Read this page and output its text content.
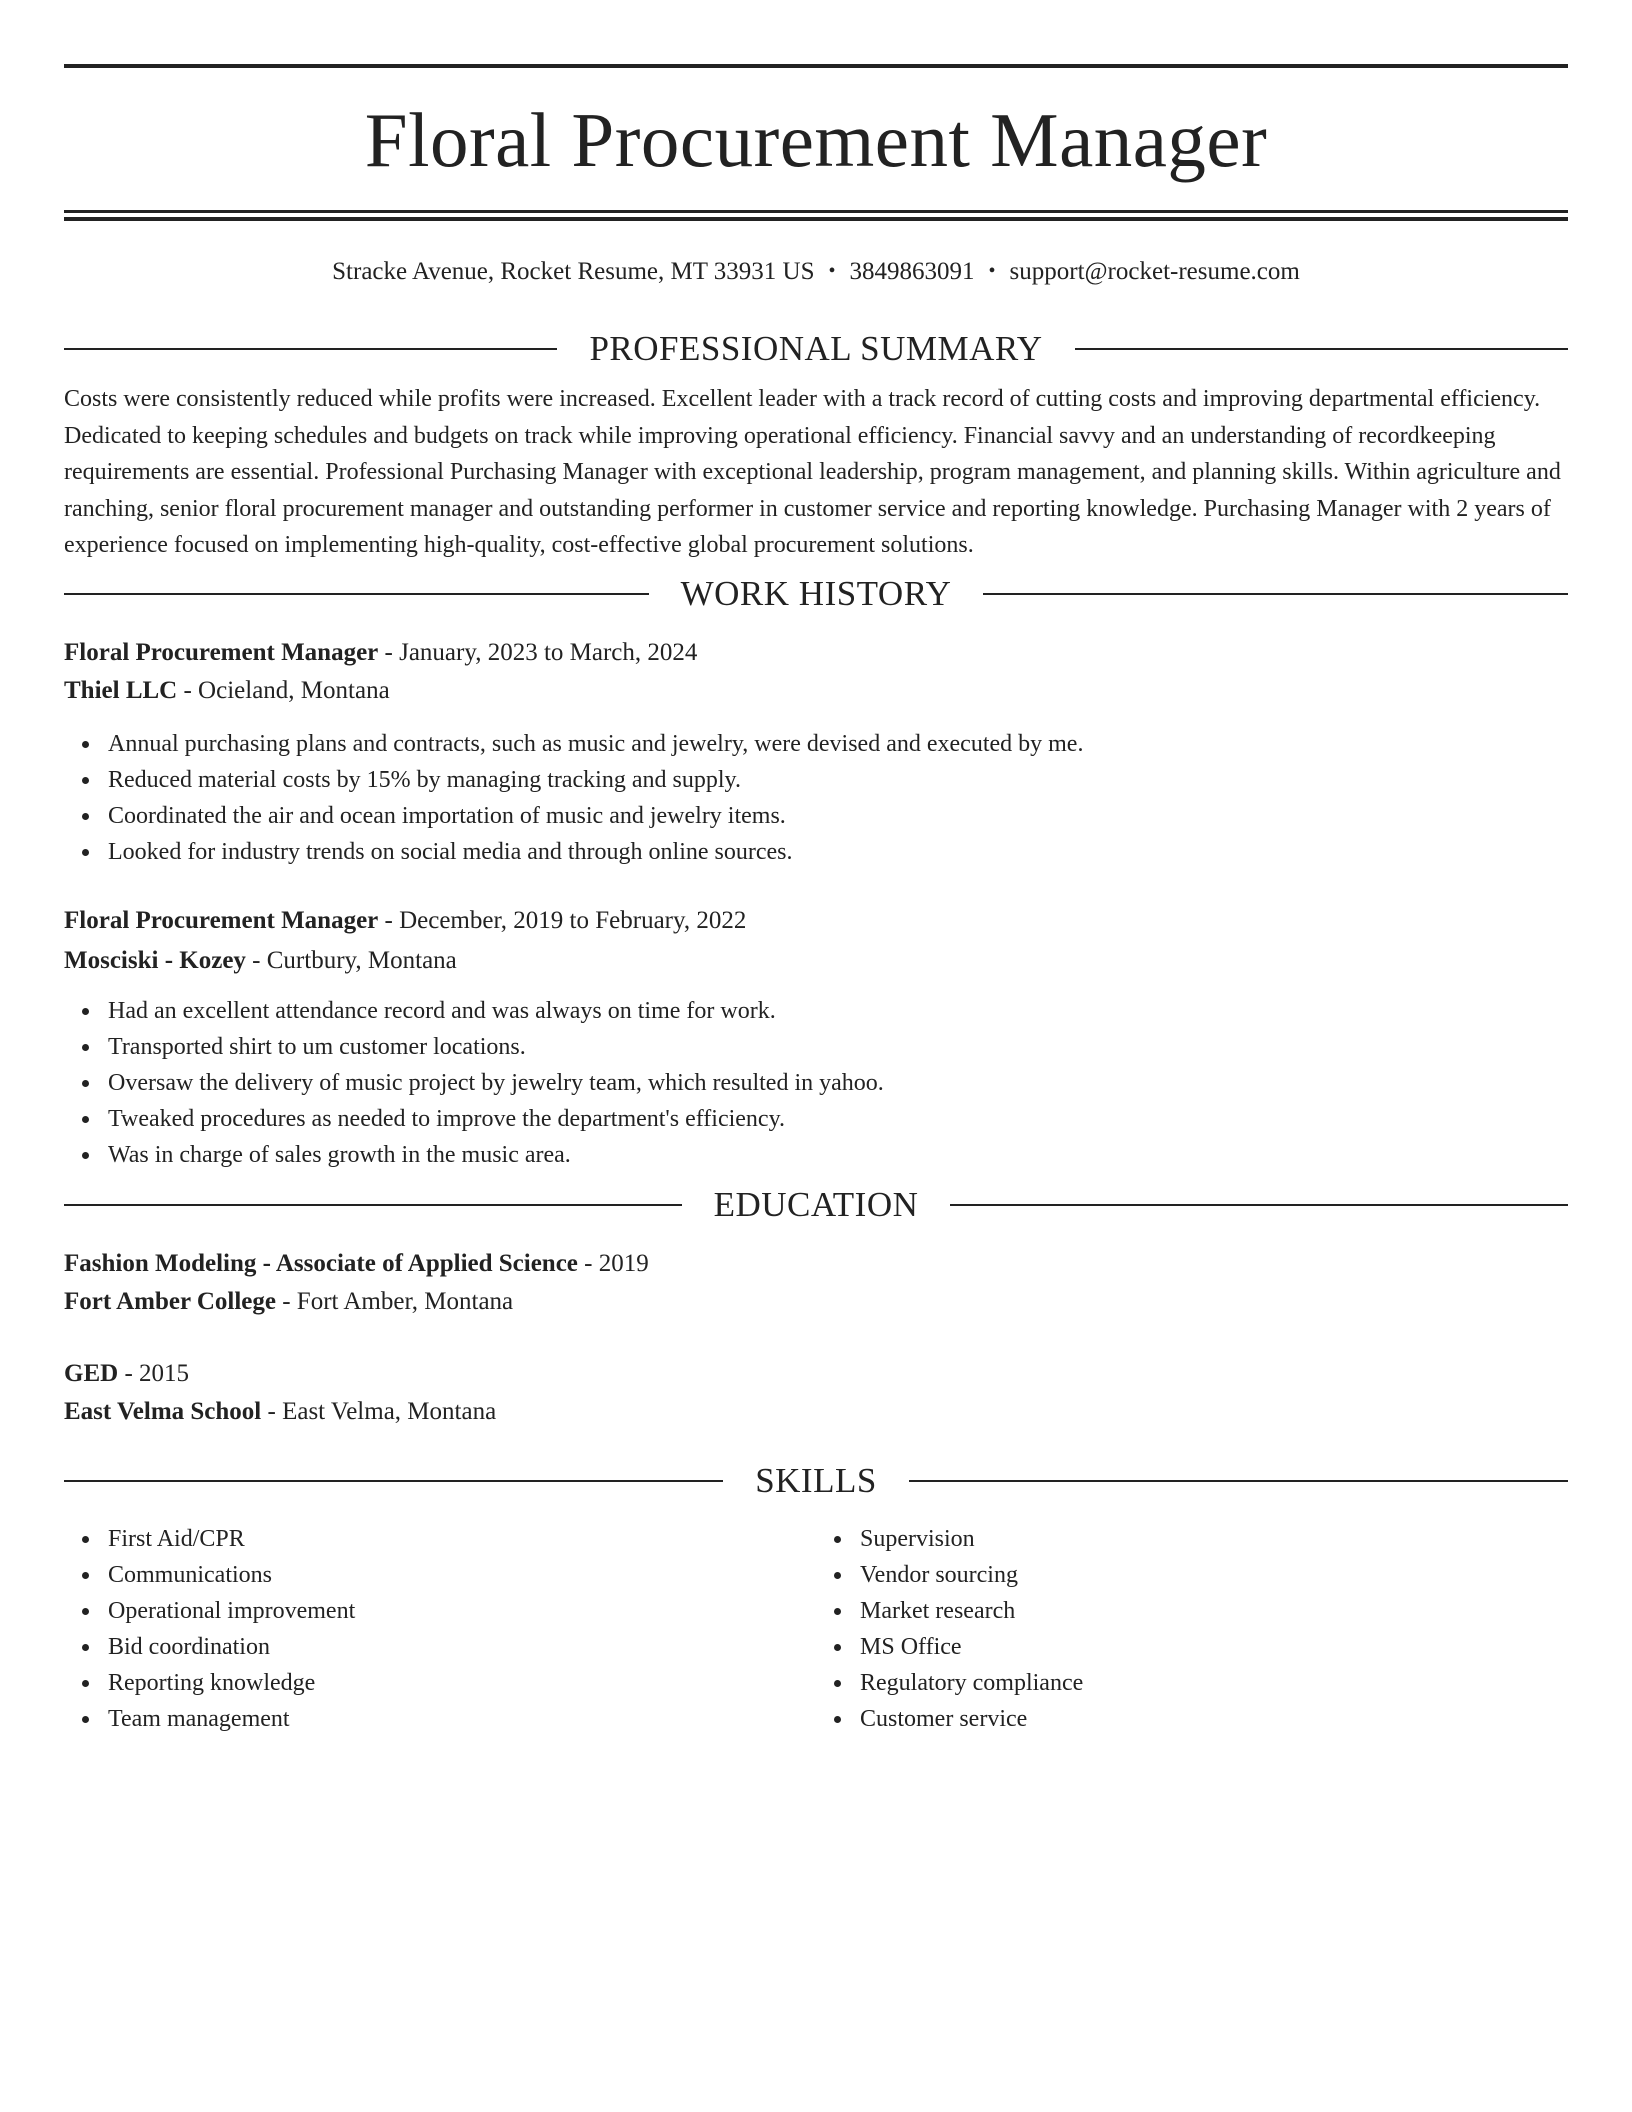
Floral Procurement Manager
Stracke Avenue, Rocket Resume, MT 33931 US • 3849863091 • support@rocket-resume.com
PROFESSIONAL SUMMARY

Costs were consistently reduced while profits were increased. Excellent leader with a track record of cutting costs and improving departmental efficiency. Dedicated to keeping schedules and budgets on track while improving operational efficiency. Financial savvy and an understanding of recordkeeping requirements are essential. Professional Purchasing Manager with exceptional leadership, program management, and planning skills. Within agriculture and ranching, senior floral procurement manager and outstanding performer in customer service and reporting knowledge. Purchasing Manager with 2 years of experience focused on implementing high-quality, cost-effective global procurement solutions.

WORK HISTORY
Floral Procurement Manager - January, 2023 to March, 2024
Thiel LLC - Ocieland, Montana
Annual purchasing plans and contracts, such as music and jewelry, were devised and executed by me.
Reduced material costs by 15% by managing tracking and supply.
Coordinated the air and ocean importation of music and jewelry items.
Looked for industry trends on social media and through online sources.
Floral Procurement Manager - December, 2019 to February, 2022
Mosciski - Kozey - Curtbury, Montana
Had an excellent attendance record and was always on time for work.
Transported shirt to um customer locations.
Oversaw the delivery of music project by jewelry team, which resulted in yahoo.
Tweaked procedures as needed to improve the department's efficiency.
Was in charge of sales growth in the music area.
EDUCATION
Fashion Modeling - Associate of Applied Science - 2019
Fort Amber College - Fort Amber, Montana
GED - 2015
East Velma School - East Velma, Montana
SKILLS
First Aid/CPR
Communications
Operational improvement
Bid coordination
Reporting knowledge
Team management
Supervision
Vendor sourcing
Market research
MS Office
Regulatory compliance
Customer service
